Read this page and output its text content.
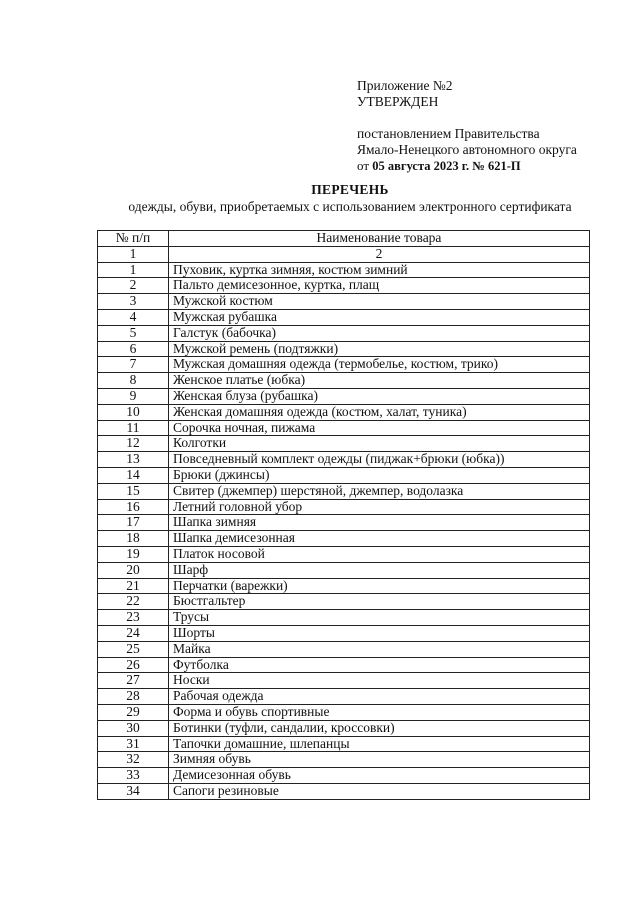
Приложение №2
УТВЕРЖДЕН
постановлением Правительства
Ямало-Ненецкого автономного округа
от 05 августа 2023 г. № 621-П
ПЕРЕЧЕНЬ
одежды, обуви, приобретаемых с использованием электронного сертификата
№ п/п	Наименование товара
1	2
1	Пуховик, куртка зимняя, костюм зимний
2	Пальто демисезонное, куртка, плащ
3	Мужской костюм
4	Мужская рубашка
5	Галстук (бабочка)
6	Мужской ремень (подтяжки)
7	Мужская домашняя одежда (термобелье, костюм, трико)
8	Женское платье (юбка)
9	Женская блуза (рубашка)
10	Женская домашняя одежда (костюм, халат, туника)
11	Сорочка ночная, пижама
12	Колготки
13	Повседневный комплект одежды (пиджак+брюки (юбка))
14	Брюки (джинсы)
15	Свитер (джемпер) шерстяной, джемпер, водолазка
16	Летний головной убор
17	Шапка зимняя
18	Шапка демисезонная
19	Платок носовой
20	Шарф
21	Перчатки (варежки)
22	Бюстгальтер
23	Трусы
24	Шорты
25	Майка
26	Футболка
27	Носки
28	Рабочая одежда
29	Форма и обувь спортивные
30	Ботинки (туфли, сандалии, кроссовки)
31	Тапочки домашние, шлепанцы
32	Зимняя обувь
33	Демисезонная обувь
34	Сапоги резиновые
